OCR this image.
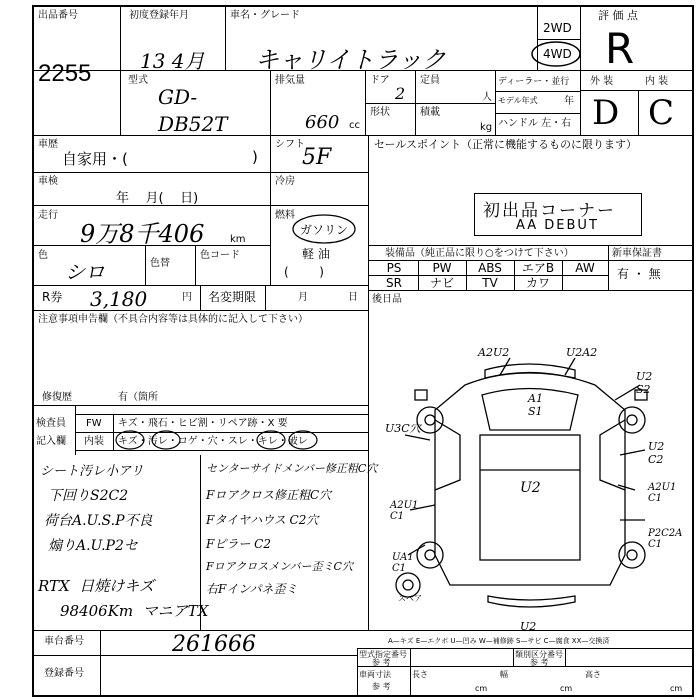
出品番号
2255
初度登録年月
13 4月
車名・グレード
キャリイトラック
2WD
4WD
評 価 点
R
型式
GD-
DB52T
排気量
660 cc
ドア
2
定員
人
形状	積載
kg
ディーラー・並行
モデル年式	年
ハンドル 左・右
外 装	内 装
D C
車歴
自家用・(	)
シフト
5F
セールスポイント（正常に機能するものに限ります）
車検
年    月(    日)
冷房
走行
9万8千406	km
燃料
ガソリン
軽 油
(        )
初出品コーナー
AA DEBUT
色
シロ	色替
色コード	装備品（純正品に限り○をつけて下さい）	新車保証書
有 ・ 無
PS	PW	ABS	エアB	AW
SR	ナビ	TV	カワ
R券 3,180	円 名変期限	月	日 後日品
注意事項申告欄（不具合内容等は具体的に記入して下さい）
修復歴	有（箇所
検査員
記入欄
FW キズ・飛石・ヒビ割・リペア跡・X 要
内装 キズ・汚レ・コゲ・穴・スレ・キレ・破レ
シート汚レ小アリ
下回りS2C2
荷台A.U.S.P不良
煽りA.U.P2セ
RTX  日焼けキズ
98406Km  マニアTX
センターサイドメンバー修正粗C穴
Fロアクロス修正粗C穴
Fタイヤハウス C2穴
Fピラー C2
Fロアクロスメンバー歪ミC穴
右Fインパネ歪ミ
A2U2	U2A2
A1 S1
U2 S2
U3C穴
U2 C2
U2
A2U1 C1
A2U1 C1
P2C2A C1
UA1 C1
U2
スペア
A—キズ E—エクボ U—凹み W—補修跡 S—サビ C—腐食 XX—交換済
車台番号	261666
登録番号
型式指定番号
参 考
類別区分番号
参 考
車両寸法
参 考
長さ
cm
幅
cm
高さ
cm
